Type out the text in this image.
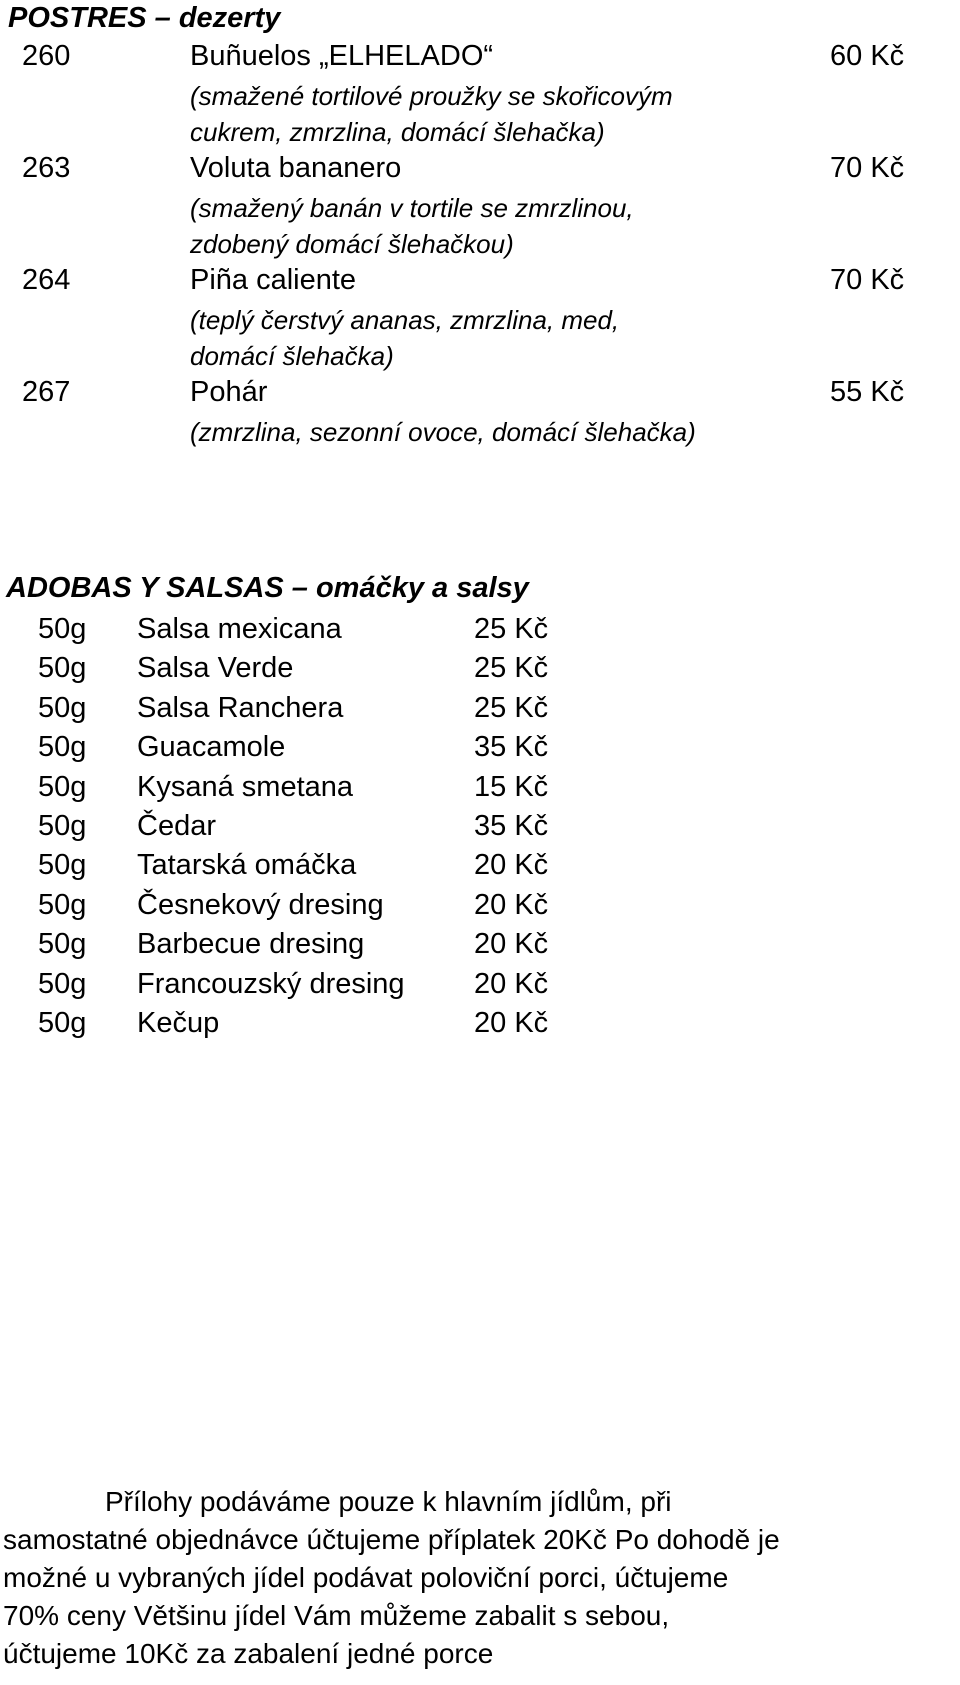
POSTRES – dezerty
260	Buñuelos „ELHELADO“	60 Kč
(smažené tortilové proužky se skořicovým
cukrem, zmrzlina, domácí šlehačka)
263	Voluta bananero	70 Kč
(smažený banán v tortile se zmrzlinou,
zdobený domácí šlehačkou)
264	Piña caliente	70 Kč
(teplý čerstvý ananas, zmrzlina, med,
domácí šlehačka)
267	Pohár	55 Kč
(zmrzlina, sezonní ovoce, domácí šlehačka)
ADOBAS Y SALSAS – omáčky a salsy
50g Salsa mexicana	25 Kč
50g Salsa Verde	25 Kč
50g Salsa Ranchera	25 Kč
50g Guacamole	35 Kč
50g Kysaná smetana	15 Kč
50g Čedar	35 Kč
50g Tatarská omáčka	20 Kč
50g Česnekový dresing	20 Kč
50g Barbecue dresing	20 Kč
50g Francouzský dresing 20 Kč
50g Kečup	20 Kč
Přílohy podáváme pouze k hlavním jídlům, při
samostatné objednávce účtujeme příplatek 20Kč Po dohodě je
možné u vybraných jídel podávat poloviční porci, účtujeme
70% ceny Většinu jídel Vám můžeme zabalit s sebou,
účtujeme 10Kč za zabalení jedné porce
